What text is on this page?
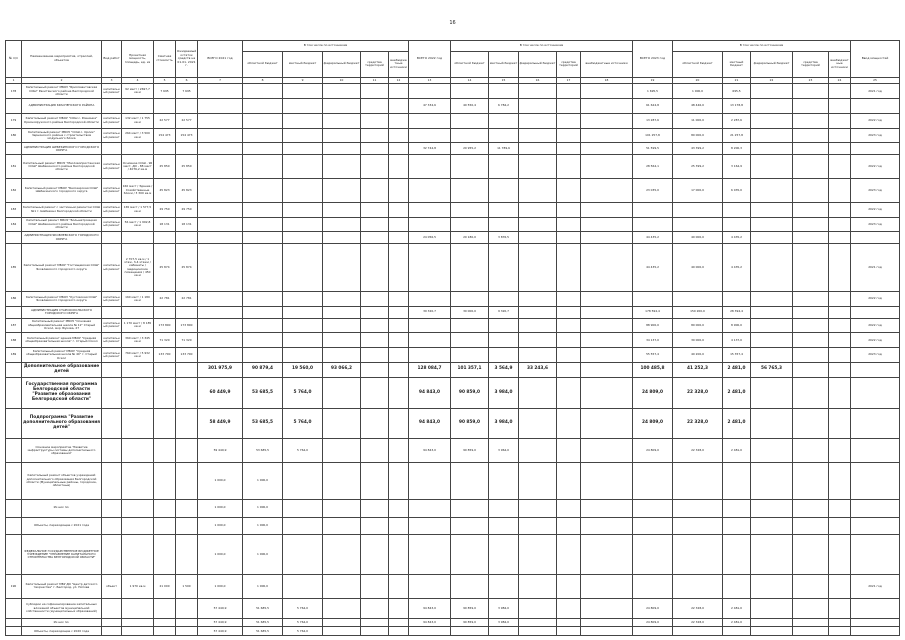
16
№ п/п	Наименование мероприятия, отраслей, объектов	Вид работ	Проектная мощность, площадь, ед. из	Сметная стоимость	Ожидаемый остаток средств на 01.01. 2021 г.	ВСЕГО 2021 год	В том числе по источникам					ВСЕГО 2022 год	В том числе по источникам					ВСЕГО 2023 год	В том числе по источникам					Ввод мощностей
							областной бюджет	местный бюджет	федеральный бюджет	средства территорий	внебюджетные источники		областной бюджет	местный бюджет	федеральный бюджет	средства территорий	внебюджетные источники		областной бюджет	местный бюджет	федеральный бюджет	средства территорий	внебюджетные источники	
1	2	3	4	5	6	7	8	9	10	11	12	13	14	15	16	17	18	19	20	21	22	23	24	25
178	Капитальный ремонт МБОУ "Бриллиантовская СОШ" Ракитянского района Белгородской области	капитальный ремонт	92 мест / 2697,7 кв.м	7 695	7 695													1 695,5	1 000,0	695,5				2021 год
	АДМИНИСТРАЦИЯ КРАСНЕНСКОГО РАЙОНА											47 334,6	40 550,4	6 784,2				61 624,8	48 446,0	13 178,8				
179	Капитальный ремонт МБОУ "СОШ с. Ровнянка" Краснояружского района Белгородской области	капитальный ремонт	132 мест / 1 755 кв.м	22 577	22 577													13 287,6	11 000,0	2 287,6				2022 год
180	Капитальный ремонт МБОУ "СОШ с. Орлик" Чернянского района с строительством модульного блока	капитальный ремонт	264 мест / 3 500 кв.м	154 473	154 473													101 257,8	80 000,0	21 257,8				2023 год
	АДМИНИСТРАЦИЯ ШЕБЕКИНСКОГО ГОРОДСКОГО ОКРУГА											32 744,8	20 955,2	11 789,6				51 599,5	43 399,2	8 200,3				
181	Капитальный ремонт МБОУ "Масловопристанская СОШ" Шебекинского района Белгородской области	капитальный ремонт	Основное СОШ - 96 мест, ДО - 88 мест / 4076,2 кв.м	25 850	25 850													28 564,1	25 399,2	3 164,9				2022 год
182	Капитальный ремонт МБОУ "Белозерская СОШ" Шебекинского городского округа	капитальный ремонт	160 мест / Здание / Хозяйственные блоки / 3 300 кв.м	45 823	45 823													23 035,0	17 000,0	6 035,0				2023 год
183	Капитальный ремонт с частичным ремонтом СОШ №1 г. Шебекино Белгородской области	капитальный ремонт	165 мест / 1 577,5 кв.м	29 750	29 750																			2022 год
184	Капитальный ремонт МБОУ "Большетроицкая СОШ" Шебекинского района Белгородской области	капитальный ремонт	56 мест / 1 992,8 кв.м	18 131	18 131																			2023 год
	АДМИНИСТРАЦИЯ ЯКОВЛЕВСКОГО ГОРОДСКОГО ОКРУГА											24 056,5	20 180,0	3 876,5				44 435,2	40 000,0	4 435,2				
185	Капитальный ремонт МБОУ "Гостищевская СОШ" Яковлевского городского округа	капитальный ремонт	2 707,5 кв.м / 1 этаж, 3-4 этажи / кабинеты / медицинские помещения / 450 кв.м	25 874	25 874													44 435,2	40 000,0	4 435,2				2021 год
186	Капитальный ремонт МБОУ "Кустовская СОШ" Яковлевского городского округа	капитальный ремонт	160 мест / 1 180 кв.м	22 781	22 781																			2022 год
	АДМИНИСТРАЦИЯ СТАРООСКОЛЬСКОГО ГОРОДСКОГО ОКРУГА											39 320,7	30 000,0	9 320,7				178 594,4	150 200,0	28 394,4				
187	Капитальный ремонт МБОУ "Основная общеобразовательная школа № 12" Старый Оскол, мкр Жукова, 27	капитальный ремонт	1 170 мест / 8 185 кв.м	173 800	173 800													88 900,0	80 000,0	8 900,0				2022 год
188	Капитальный ремонт здания МБОУ "Средняя общеобразовательная школа" г. Старый Оскол	капитальный ремонт	360 мест / 3 345 кв.м	71 320	71 320													34 137,0	30 000,0	4 137,0				2022 год
189	Капитальный ремонт МБОУ "Средняя общеобразовательная школа № 40" г. Старый Оскол	капитальный ремонт	760 мест / 5 932 кв.м	133 700	133 700													55 557,4	40 200,0	15 357,4				2023 год
	Дополнительное образование детей					301 975,9	90 879,4	19 560,0	93 066,2			128 084,7	101 357,1	3 564,9	33 243,6			100 485,8	41 252,3	2 481,0	56 765,3			
	Государственная программа Белгородской области "Развитие образования Белгородской области"					60 449,9	53 685,5	5 764,0				94 843,0	90 859,0	3 984,0				24 809,0	22 328,0	2 481,0				
	Подпрограмма "Развитие дополнительного образования детей"					58 449,9	53 685,5	5 764,0				94 843,0	90 859,0	3 984,0				24 809,0	22 328,0	2 481,0				
	Основное мероприятие "Развитие инфраструктуры системы дополнительного образования"					59 449,9	53 685,5	5 764,0				94 843,0	90 859,0	3 964,0				24 809,0	22 328,0	2 481,0				
	Капитальный ремонт объектов учреждений дополнительного образования Белгородской области (Муниципальные районы, городские, областные)					1 000,0	1 000,0																	
	Из них по:					1 000,0	1 000,0																	
	Объекты, переходящие с 2021 года					1 000,0	1 000,0																	
	ФЕДЕРАЛЬНОЕ ГОСУДАРСТВЕННОЕ БЮДЖЕТНОЕ УЧРЕЖДЕНИЕ "УПРАВЛЕНИЕ КАПИТАЛЬНОГО СТРОИТЕЛЬСТВА БЕЛГОРОДСКОЙ ОБЛАСТИ"					1 000,0	1 000,0																	
190	Капитальный ремонт МБУ ДО "Центр детского творчества" г. Белгород, ул. Попова	объект	1 970 кв.м	21 000	1 500	1 000,0	1 000,0																	2021 год
	Субсидии на софинансирование капитальных вложений объектов муниципальной собственности (муниципальных образований)					57 449,9	51 685,5	5 764,0				94 843,0	90 859,0	3 984,0				24 809,0	22 328,0	2 481,0				
	Из них по:					57 449,9	51 685,5	5 764,0				94 843,0	90 859,0	3 984,0				24 809,0	22 328,0	2 481,0				
	Объекты, переходящие с 2020 года					57 449,9	51 685,5	5 764,0																
